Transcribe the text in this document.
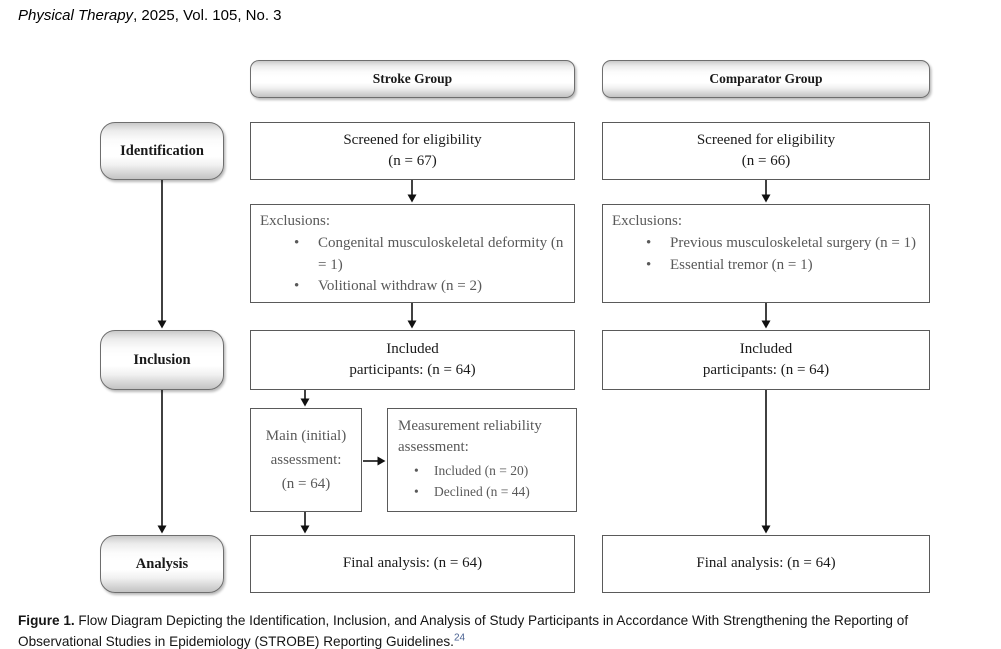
Physical Therapy, 2025, Vol. 105, No. 3
Stroke Group	Comparator Group
Identification
Inclusion
Analysis
Screened for eligibility
(n = 67)
Exclusions:
•	Congenital musculoskeletal deformity (n = 1)
•	Volitional withdraw (n = 2)
Included
participants: (n = 64)
Main (initial)
assessment:
(n = 64)
Measurement reliability assessment:
•	Included (n = 20)
•	Declined (n = 44)
Final analysis: (n = 64)
Screened for eligibility
(n = 66)
Exclusions:
•	Previous musculoskeletal surgery (n = 1)
•	Essential tremor (n = 1)
Included
participants: (n = 64)
Final analysis: (n = 64)
Figure 1. Flow Diagram Depicting the Identification, Inclusion, and Analysis of Study Participants in Accordance With Strengthening the Reporting of Observational Studies in Epidemiology (STROBE) Reporting Guidelines.$^{24}$
